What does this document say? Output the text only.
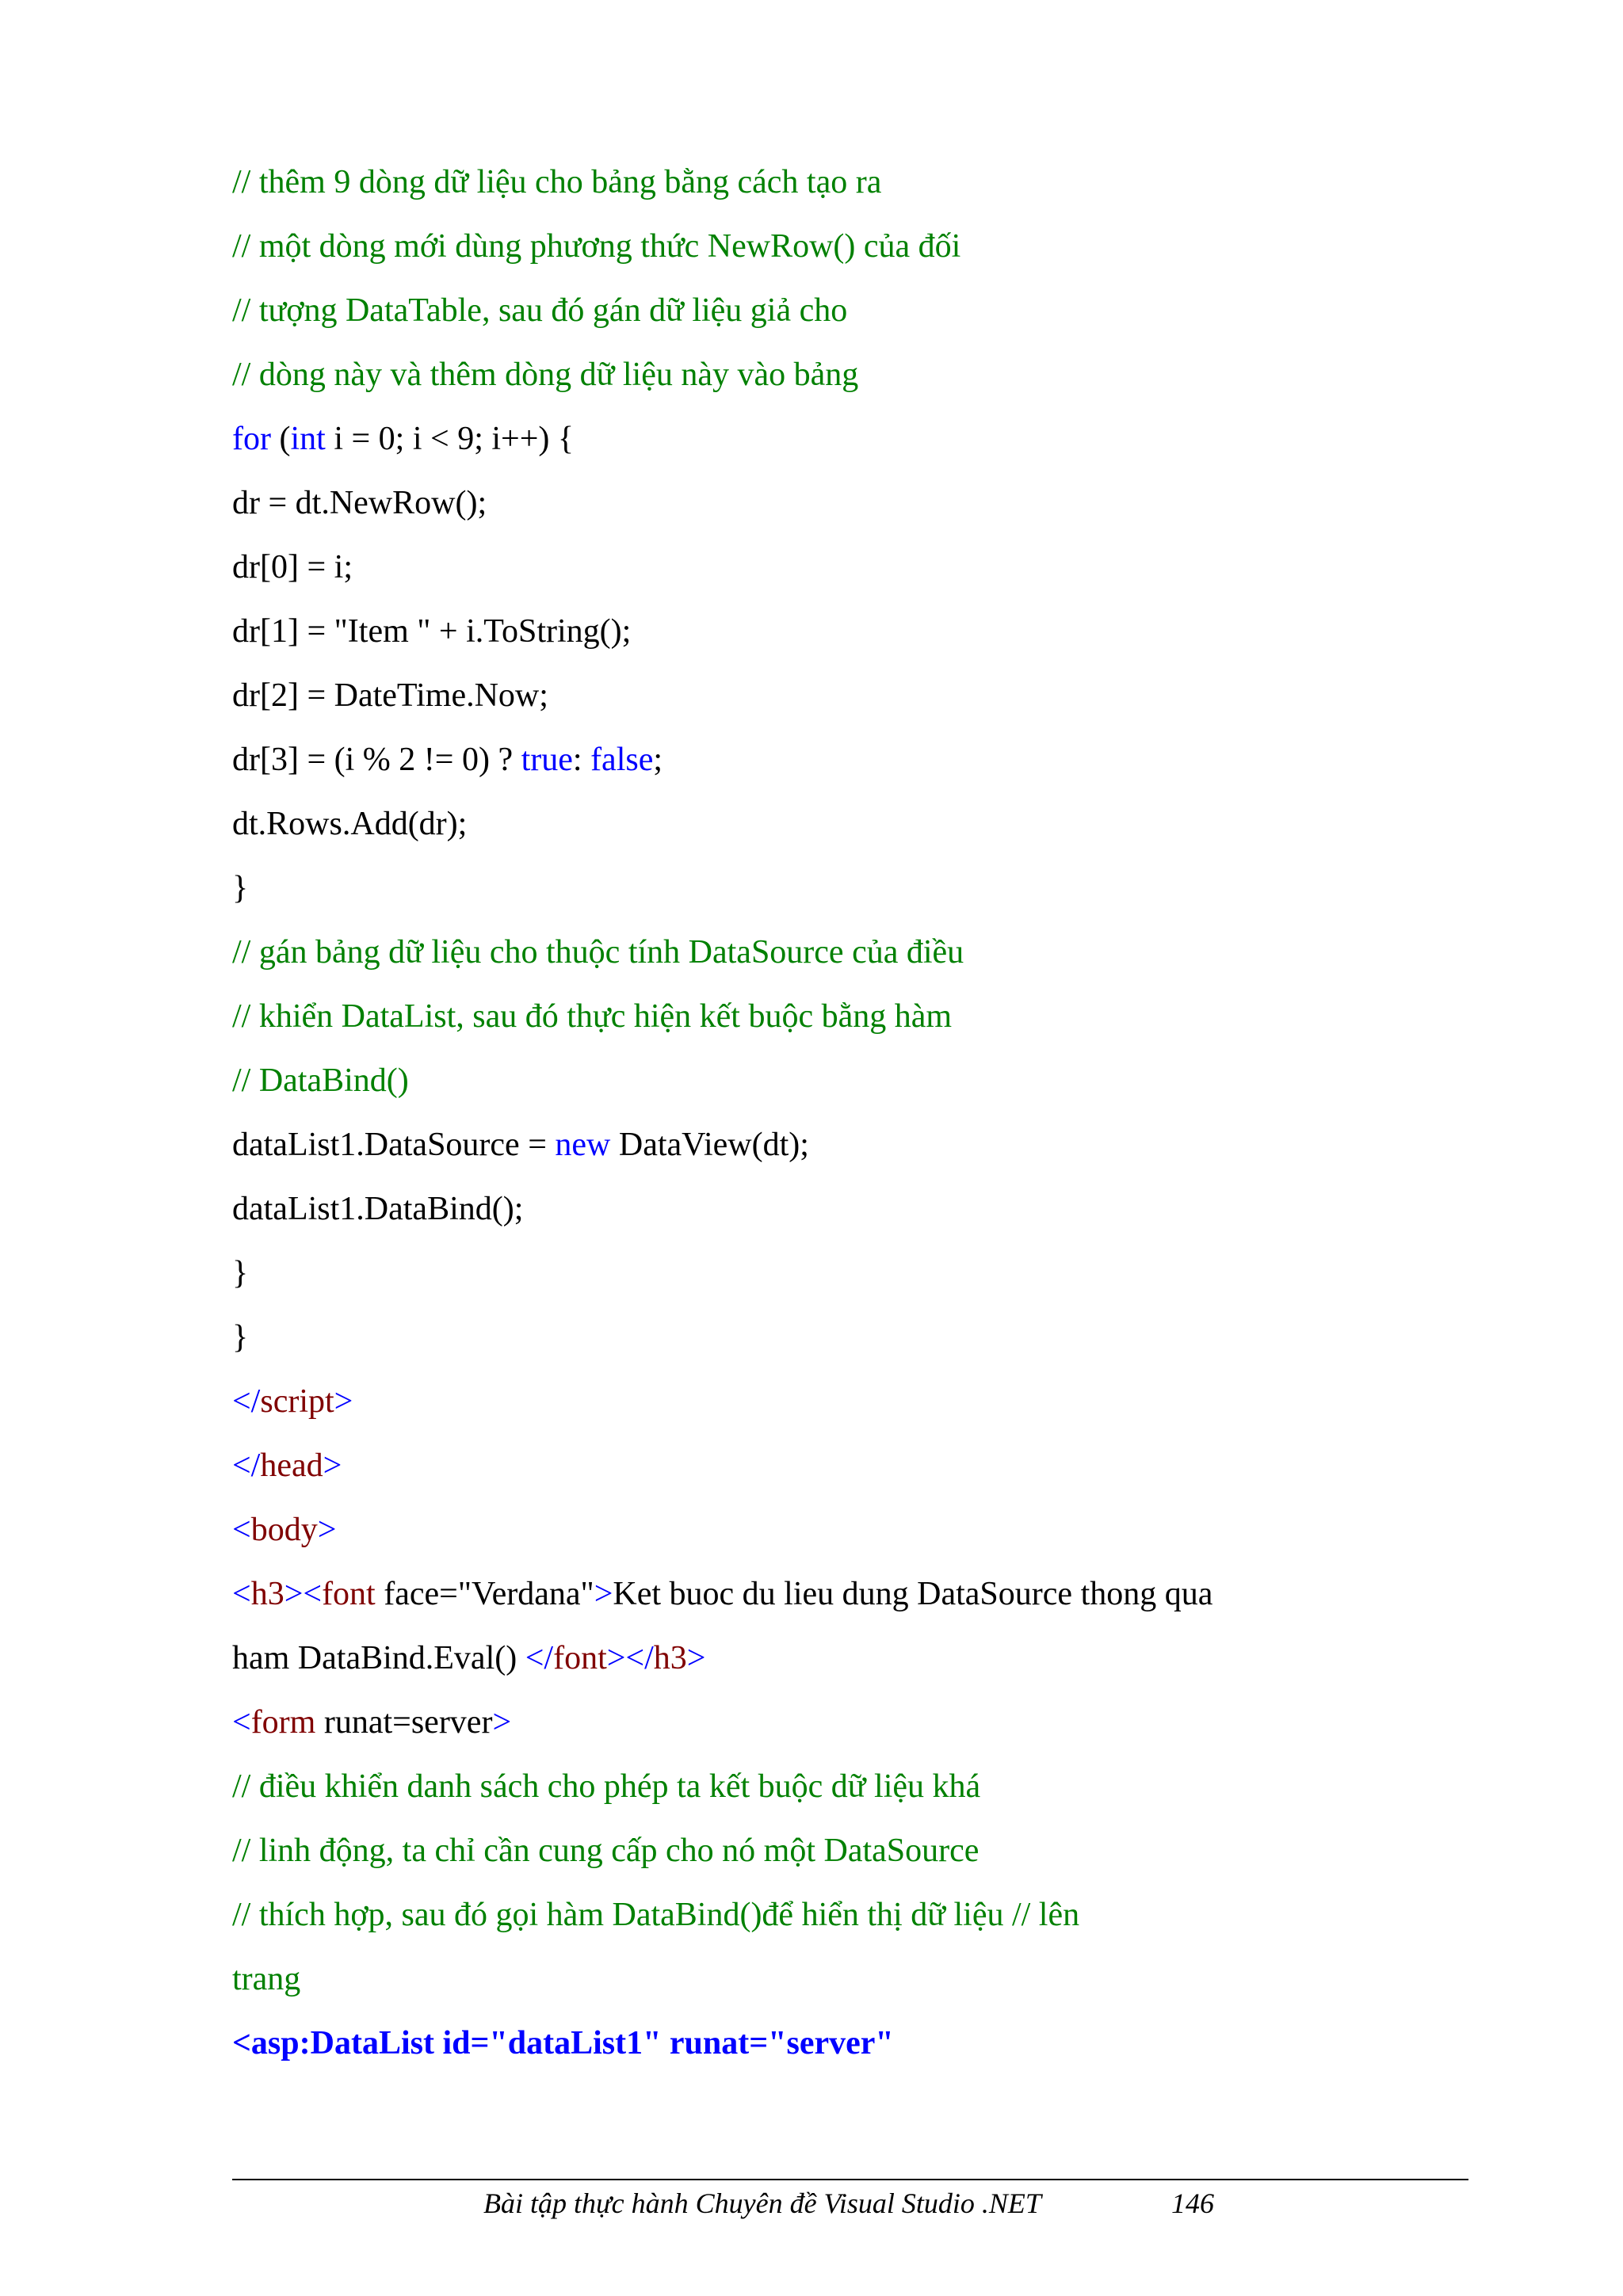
// thêm 9 dòng dữ liệu cho bảng bằng cách tạo ra
// một dòng mới dùng phương thức NewRow() của đối
// tượng DataTable, sau đó gán dữ liệu giả cho
// dòng này và thêm dòng dữ liệu này vào bảng
for (int i = 0; i < 9; i++) {
dr = dt.NewRow();
dr[0] = i;
dr[1] = "Item " + i.ToString();
dr[2] = DateTime.Now;
dr[3] = (i % 2 != 0) ? true: false;
dt.Rows.Add(dr);
}
// gán bảng dữ liệu cho thuộc tính DataSource của điều
// khiển DataList, sau đó thực hiện kết buộc bằng hàm
// DataBind()
dataList1.DataSource = new DataView(dt);
dataList1.DataBind();
}
}
</script>
</head>
<body>
<h3><font face="Verdana">Ket buoc du lieu dung DataSource thong qua
ham DataBind.Eval() </font></h3>
<form runat=server>
// điều khiển danh sách cho phép ta kết buộc dữ liệu khá
// linh động, ta chỉ cần cung cấp cho nó một DataSource
// thích hợp, sau đó gọi hàm DataBind()để hiển thị dữ liệu // lên
trang
<asp:DataList id="dataList1" runat="server"
Bài tập thực hành Chuyên đề Visual Studio .NET	146
